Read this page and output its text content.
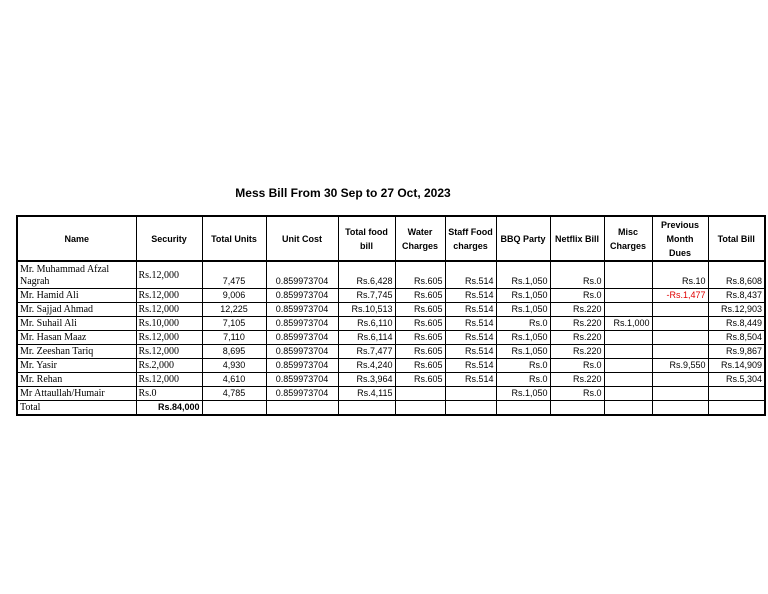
Mess Bill From 30 Sep to 27 Oct, 2023
Name	Security	Total Units	Unit Cost	Total food bill	Water Charges	Staff Food charges	BBQ Party	Netflix Bill	Misc Charges	Previous Month Dues	Total Bill
Mr. Muhammad Afzal Nagrah	Rs.12,000	7,475	0.859973704	Rs.6,428	Rs.605	Rs.514	Rs.1,050	Rs.0		Rs.10	Rs.8,608
Mr. Hamid Ali	Rs.12,000	9,006	0.859973704	Rs.7,745	Rs.605	Rs.514	Rs.1,050	Rs.0		-Rs.1,477	Rs.8,437
Mr. Sajjad Ahmad	Rs.12,000	12,225	0.859973704	Rs.10,513	Rs.605	Rs.514	Rs.1,050	Rs.220			Rs.12,903
Mr. Suhail Ali	Rs.10,000	7,105	0.859973704	Rs.6,110	Rs.605	Rs.514	Rs.0	Rs.220	Rs.1,000		Rs.8,449
Mr. Hasan Maaz	Rs.12,000	7,110	0.859973704	Rs.6,114	Rs.605	Rs.514	Rs.1,050	Rs.220			Rs.8,504
Mr. Zeeshan Tariq	Rs.12,000	8,695	0.859973704	Rs.7,477	Rs.605	Rs.514	Rs.1,050	Rs.220			Rs.9,867
Mr. Yasir	Rs.2,000	4,930	0.859973704	Rs.4,240	Rs.605	Rs.514	Rs.0	Rs.0		Rs.9,550	Rs.14,909
Mr. Rehan	Rs.12,000	4,610	0.859973704	Rs.3,964	Rs.605	Rs.514	Rs.0	Rs.220			Rs.5,304
Mr Attaullah/Humair	Rs.0	4,785	0.859973704	Rs.4,115			Rs.1,050	Rs.0			
Total	Rs.84,000										
